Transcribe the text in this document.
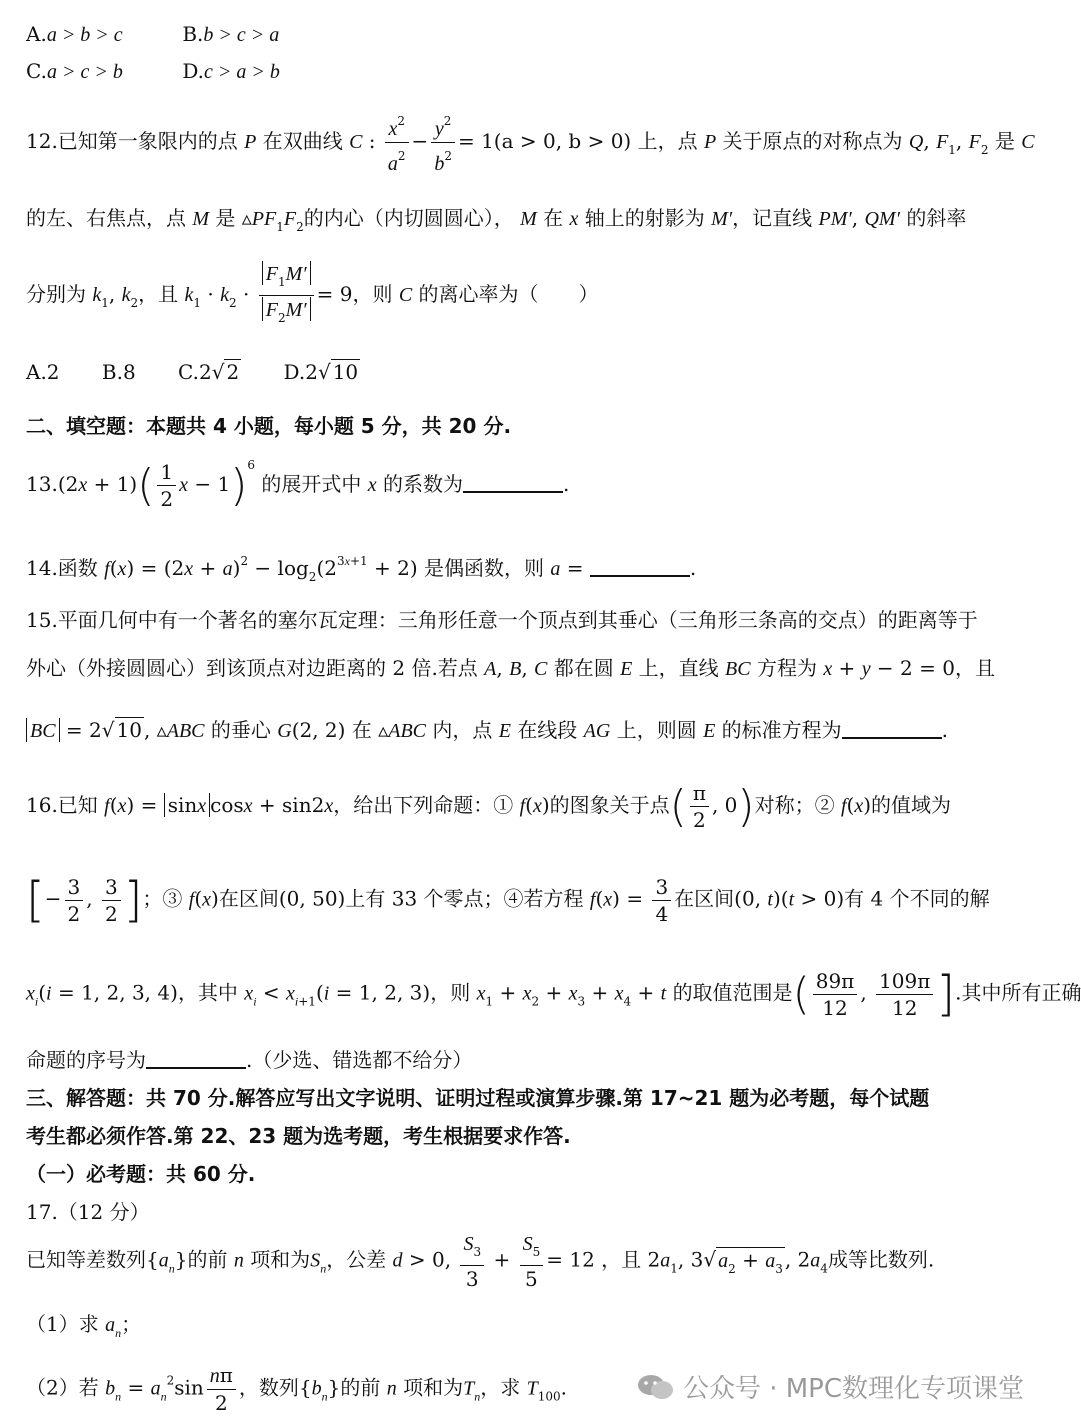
A.a > b > c	B.b > c > a
C.a > c > b	D.c > a > b
12.已知第一象限内的点 P 在双曲线 C : $\frac{x^2}{a^2} - \frac{y^2}{b^2} = 1(a > 0$, b > 0) 上，点 P 关于原点的对称点为 Q, $F_1$, $F_2$ 是 C
的左、右焦点，点 M 是 $▵PF_1F_2$的内心（内切圆圆心）， M 在 x 轴上的射影为 M′，记直线 PM′, QM′ 的斜率
分别为 $k_1$, $k_2$，且 $k_1 \cdot k_2 \cdot \frac{F_1M'}{F_2M'} = 9$，则 C 的离心率为（　　）
A.2 B.8 C.2√ 2 D.2√ 10
二、填空题：本题共 4 小题，每小题 5 分，共 20 分.
$13.(2x + 1)( \frac{1}{2}$ $x - 1)^6$ 的展开式中 x 的系数为	.
14.函数 $f(x) = (2x + a)^2 - \log_2(2^{3x+1} + 2)$ 是偶函数，则 a =	.
15.平面几何中有一个著名的塞尔瓦定理：三角形任意一个顶点到其垂心（三角形三条高的交点）的距离等于
外心（外接圆圆心）到该顶点对边距离的 2 倍.若点 A, B, C 都在圆 E 上，直线 BC 方程为 x + y − 2 = 0，且
BC = 2√ 10 , ▵ABC 的垂心 G(2, 2) 在 ▵ABC 内，点 E 在线段 AG 上，则圆 E 的标准方程为	.
16.已知 f(x) = sinx cosx + sin2x，给出下列命题：① f(x)的图象关于点( $\frac{\pi}{2}$ , 0)对称；② f(x)的值域为
[− $\frac{3}{2}$ , $\frac{3}{2}$ ]；③ f(x)在区间(0, 50)上有 33 个零点；④若方程 $f(x) = \frac{3}{4}$ 在区间(0, t)(t > 0)有 4 个不同的解
$x_i(i = 1$, 2, 3, 4)，其中 $x_i < x_{i+1}(i = 1$, 2, 3)，则 $x_1 + x_2 + x_3 + x_4 + t$ 的取值范围是( $\frac{89\pi}{12}$ , $\frac{109\pi}{12}$ ].其中所有正确
命题的序号为	.（少选、错选都不给分）
三、解答题：共 70 分.解答应写出文字说明、证明过程或演算步骤.第 17~21 题为必考题，每个试题
考生都必须作答.第 22、23 题为选考题，考生根据要求作答.
（一）必考题：共 60 分.
17.（12 分）
已知等差数列$\{a_n\}$的前 n 项和为$S_n$，公差 d > 0, $\frac{S_3}{3} + \frac{S_5}{5} = 12$ ，且 $2a_1$, 3√ $a_2 + a_3$ , $2a_4$成等比数列.
（1）求 $a_n$；
（2）若 $b_n = a_n^2\sin \frac{n\pi}{2}$ ，数列$\{b_n\}$的前 n 项和为$T_n$，求 $T_{100}$.	公众号 · MPC数理化专项课堂
